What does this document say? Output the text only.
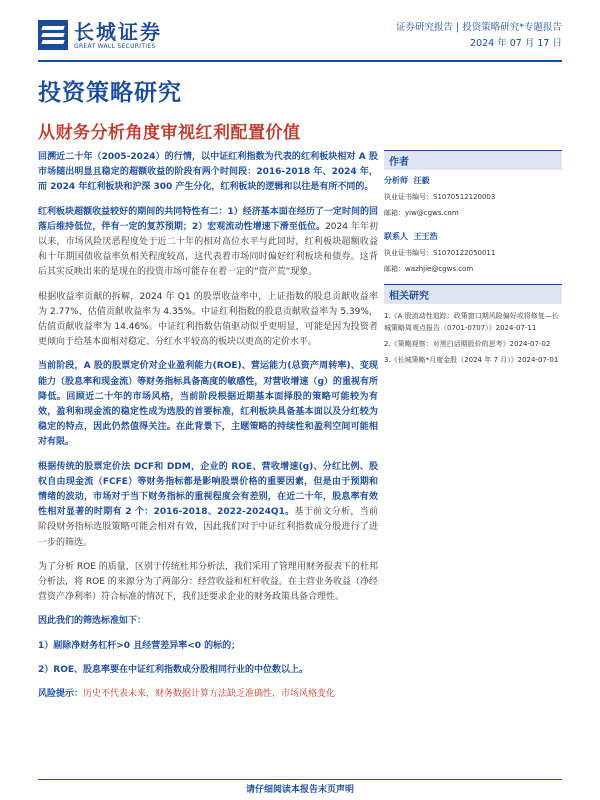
长城证券
GREAT WALL SECURITIES
证券研究报告 | 投资策略研究*专题报告
2024 年 07 月 17 日
投资策略研究
从财务分析角度审视红利配置价值

回溯近二十年（2005-2024）的行情，以中证红利指数为代表的红利板块相对 A 股市场随出明显且稳定的超额收益的阶段有两个时间段：2016-2018 年、2024 年，而 2024 年红利板块和沪深 300 产生分化，红利板块的逻辑和以往是有所不同的。

红利板块超额收益较好的期间的共同特性有二：1）经济基本面在经历了一定时间的回落后维持低位，伴有一定的复苏预期；2）宏观流动性增速下滑至低位。2024 年年初以来，市场风险厌恶程度处于近二十年的相对高位水平与此同时，红利板块超额收益和十年期国债收益率负相关程度较高，这代表着市场同时偏好红利板块和债券。这背后其实反映出来的是现在的投资市场可能存在着一定的“资产荒”现象。

根据收益率贡献的拆解，2024 年 Q1 的股票收益率中，上证指数的股息贡献收益率为 2.77%，估值贡献收益率为 4.35%。中证红利指数的股息贡献收益率为 5.39%，估值贡献收益率为 14.46%。中证红利指数估值驱动似乎更明显，可能是因为投资者更倾向于给基本面相对稳定、分红水平较高的板块以更高的定价水平。

当前阶段，A 股的股票定价对企业盈利能力(ROE)、营运能力(总资产周转率)、变现能力（股息率和现金流）等财务指标具备高度的敏感性，对营收增速（g）的重视有所降低。回顾近二十年的市场风格，当前阶段根据近期基本面择股的策略可能较为有效，盈利和现金流的稳定性成为选股的首要标准，红利板块具备基本面以及分红较为稳定的特点，因此仍然值得关注。在此背景下，主题策略的持续性和盈利空间可能相对有限。

根据传统的股票定价法 DCF和 DDM，企业的 ROE、营收增速(g)、分红比例、股权自由现金流（FCFE）等财务指标都是影响股票价格的重要因素，但是由于预期和情绪的波动，市场对于当下财务指标的重视程度会有差别，在近二十年，股息率有效性相对显著的时期有 2 个：2016-2018、2022-2024Q1。基于前文分析，当前阶段财务指标选股策略可能会相对有效，因此我们对于中证红利指数成分股进行了进一步的筛选。

为了分析 ROE 的质量，区别于传统杜邦分析法，我们采用了管理用财务报表下的杜邦分析法，将 ROE 的来源分为了两部分：经营收益和杠杆收益。在主营业务收益（净经营资产净利率）符合标准的情况下，我们还要求企业的财务政策具备合理性。

因此我们的筛选标准如下：

1）剔除净财务杠杆>0 且经营差异率<0 的标的；

2）ROE、股息率要在中证红利指数成分股相同行业的中位数以上。

风险提示：历史不代表未来，财务数据计算方法缺乏准确性，市场风格变化

作者
分析师 汪毅
执业证书编号：S1070512120003
邮箱：yiw@cgws.com
联系人 王王浩
执业证书编号：S1070122050011
邮箱：wazhjie@cgws.com
相关研究
1.《A 股流动性追踪：政策窗口期风险偏好或将修复—长城策略周观点报告（0701-0707）》2024-07-11
2.《策略观察：对黑白话期股价的思考》2024-07-02
3.《长城策略*月度金股（2024 年 7 月）》2024-07-01
请仔细阅读本报告末页声明
